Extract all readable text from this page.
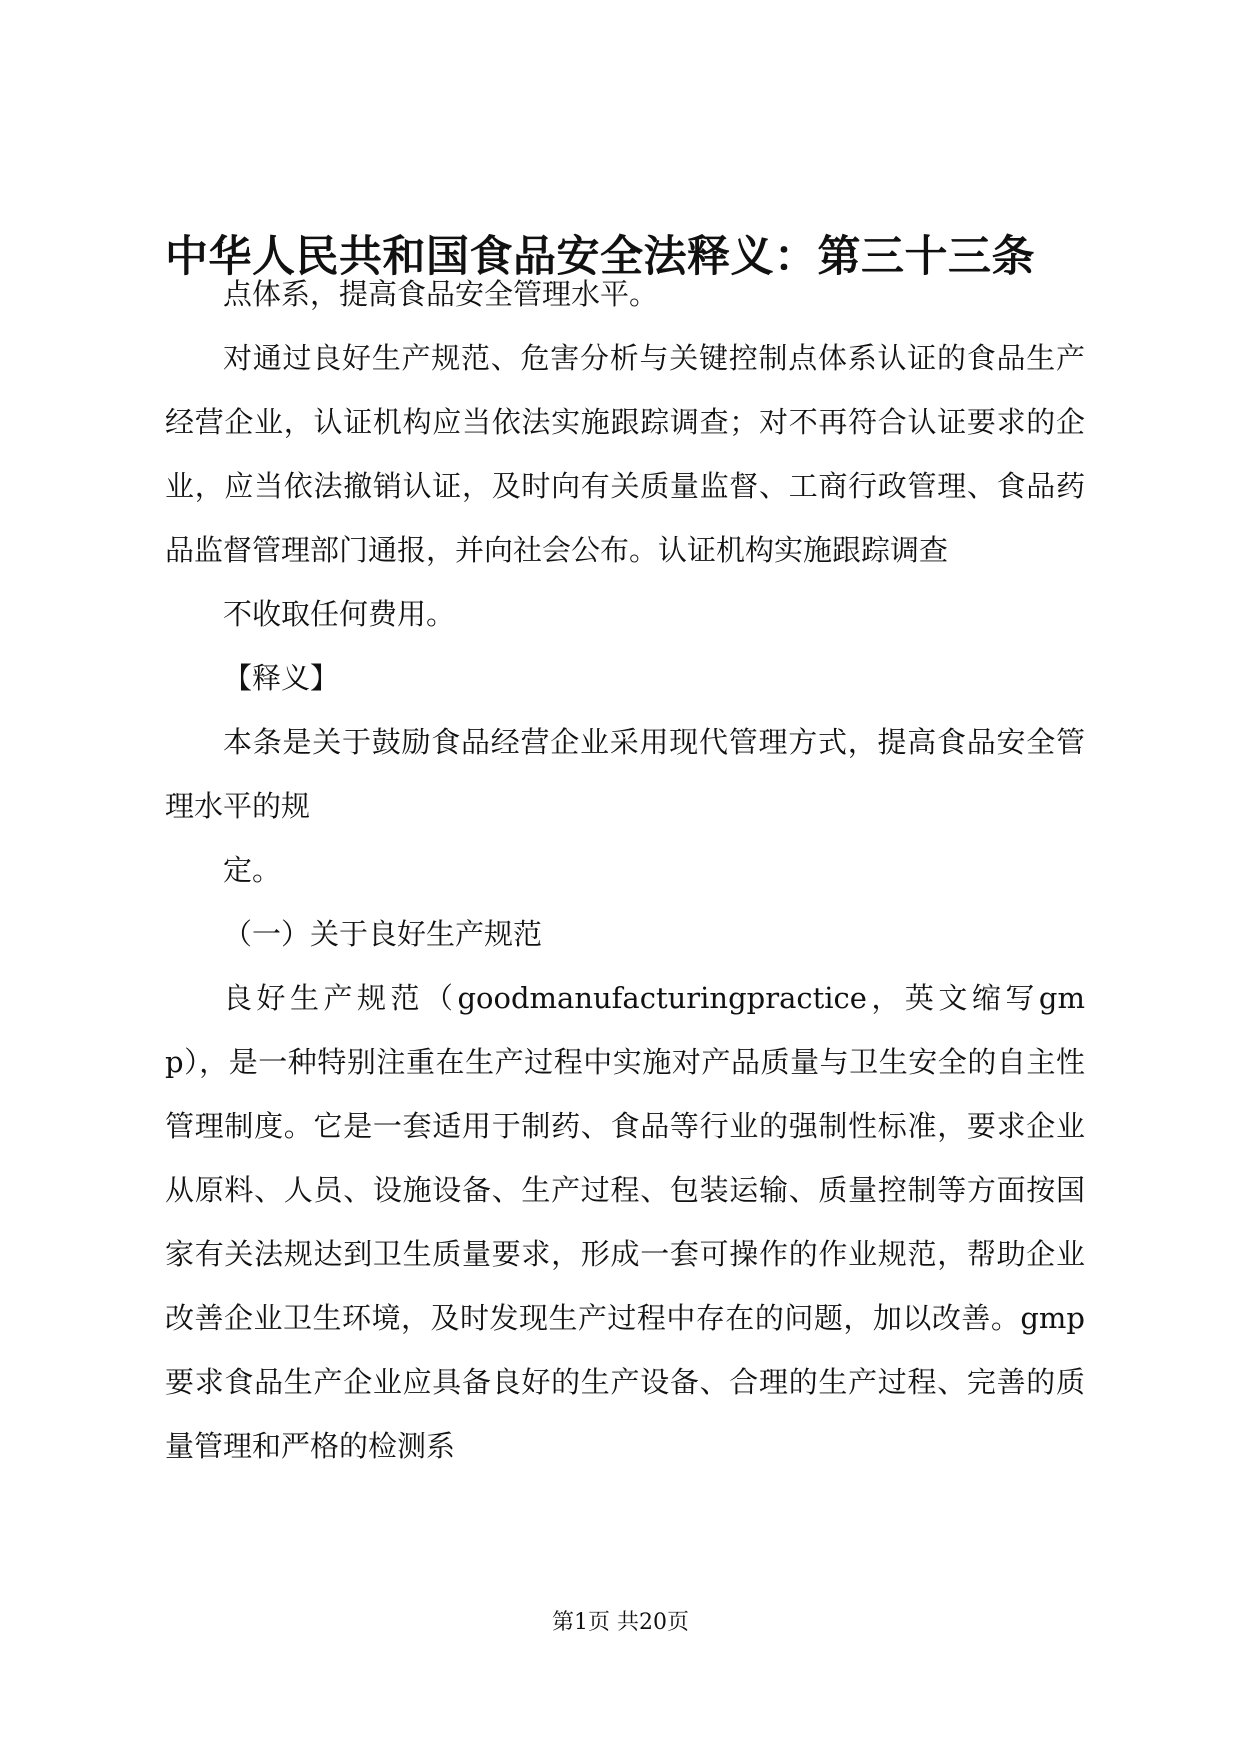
中华人民共和国食品安全法释义：第三十三条

点体系，提高食品安全管理水平。

对通过良好生产规范、危害分析与关键控制点体系认证的食品生产经营企业，认证机构应当依法实施跟踪调查；对不再符合认证要求的企业，应当依法撤销认证，及时向有关质量监督、工商行政管理、食品药品监督管理部门通报，并向社会公布。认证机构实施跟踪调查

不收取任何费用。

【释义】

本条是关于鼓励食品经营企业采用现代管理方式，提高食品安全管理水平的规

定。

（一）关于良好生产规范

良好生产规范（goodmanufacturingpractice，英文缩写gmp），是一种特别注重在生产过程中实施对产品质量与卫生安全的自主性管理制度。它是一套适用于制药、食品等行业的强制性标准，要求企业从原料、人员、设施设备、生产过程、包装运输、质量控制等方面按国家有关法规达到卫生质量要求，形成一套可操作的作业规范，帮助企业改善企业卫生环境，及时发现生产过程中存在的问题，加以改善。gmp要求食品生产企业应具备良好的生产设备、合理的生产过程、完善的质量管理和严格的检测系

第1页 共20页
